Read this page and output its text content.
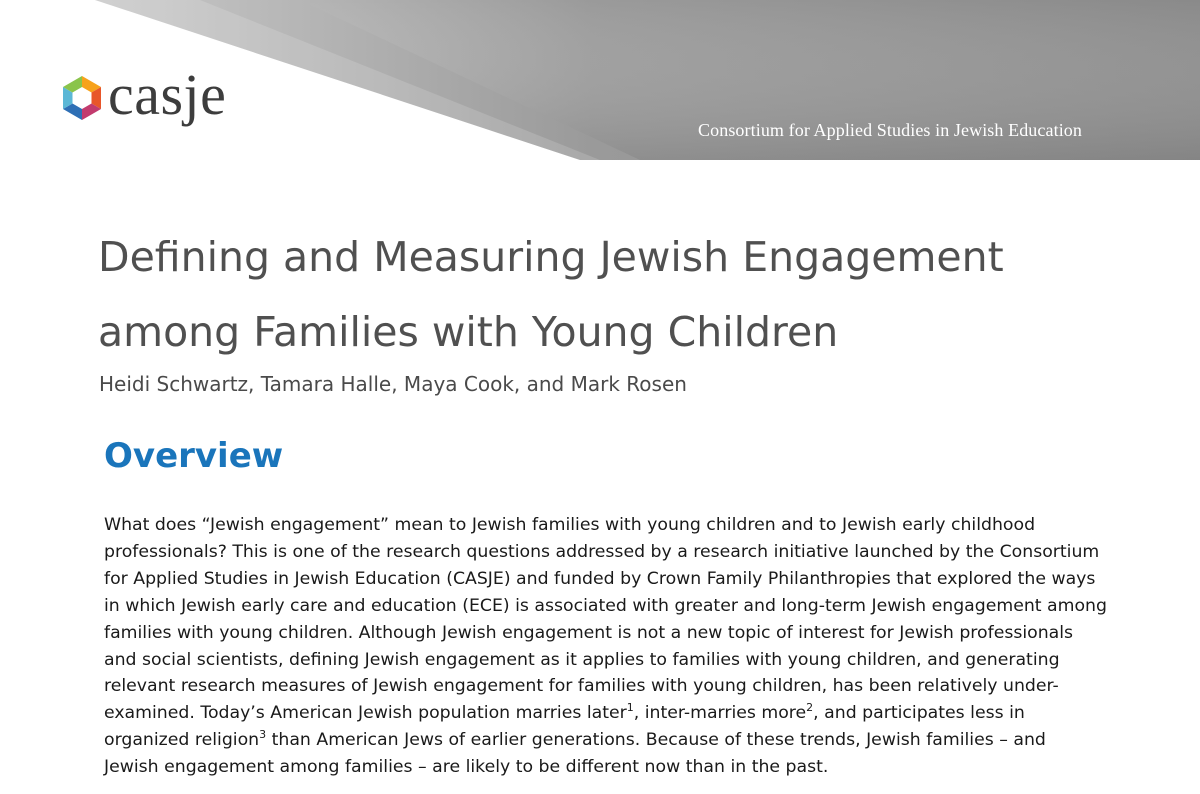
Consortium for Applied Studies in Jewish Education
casje
Defining and Measuring Jewish Engagement
among Families with Young Children
Heidi Schwartz, Tamara Halle, Maya Cook, and Mark Rosen
Overview

What does “Jewish engagement” mean to Jewish families with young children and to Jewish early childhood
professionals? This is one of the research questions addressed by a research initiative launched by the Consortium
for Applied Studies in Jewish Education (CASJE) and funded by Crown Family Philanthropies that explored the ways
in which Jewish early care and education (ECE) is associated with greater and long-term Jewish engagement among
families with young children. Although Jewish engagement is not a new topic of interest for Jewish professionals
and social scientists, defining Jewish engagement as it applies to families with young children, and generating
relevant research measures of Jewish engagement for families with young children, has been relatively under-
examined. Today’s American Jewish population marries later$^1$, inter-marries more$^2$, and participates less in
organized religion$^3$ than American Jews of earlier generations. Because of these trends, Jewish families – and
Jewish engagement among families – are likely to be different now than in the past.
